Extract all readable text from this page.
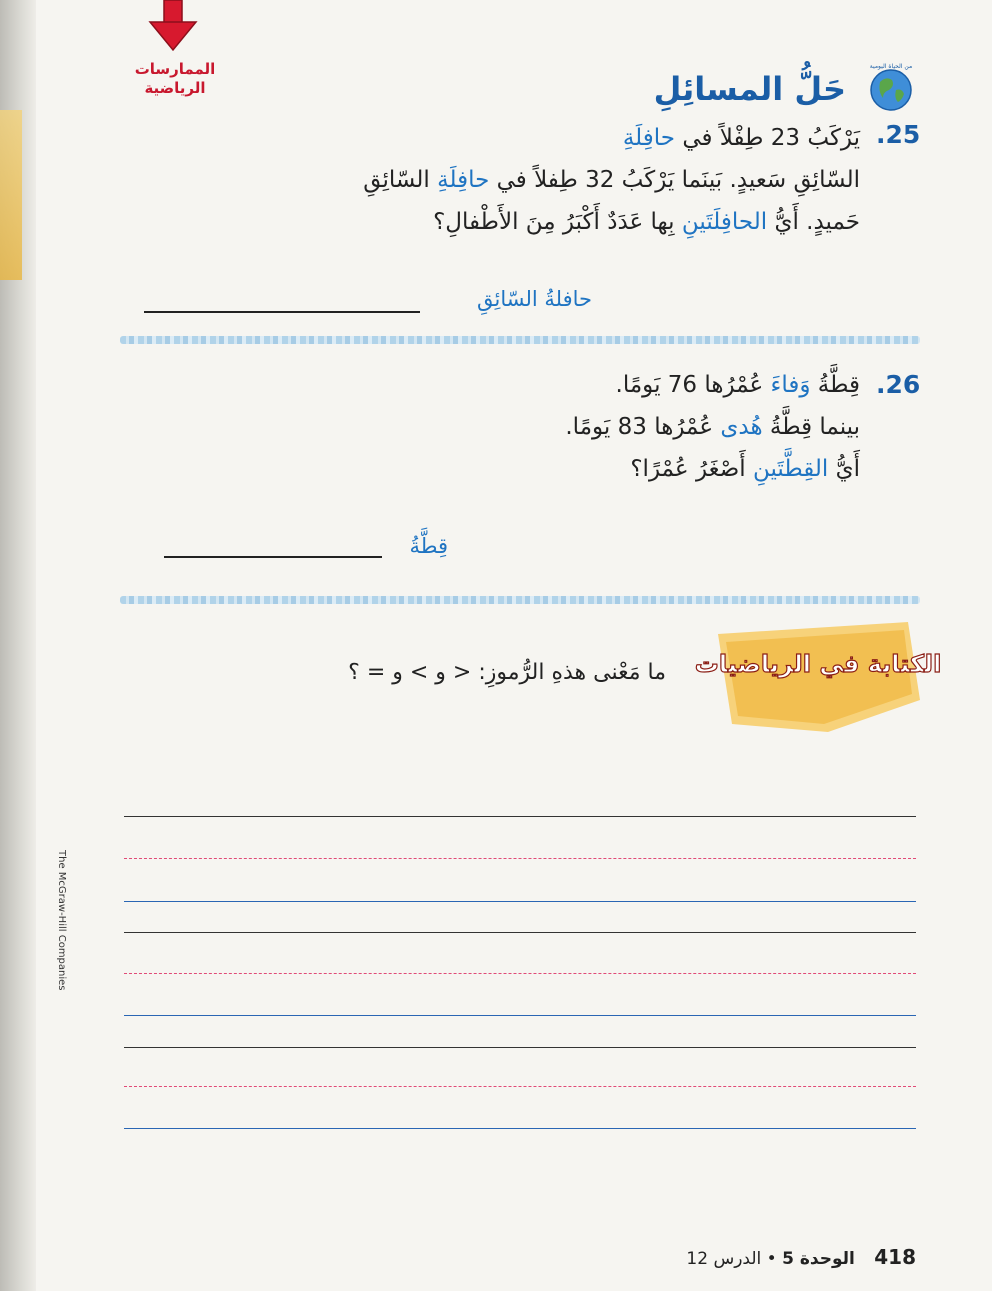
الممارسات
الرياضية
من الحياة اليومية
حَلُّ المسائِلِ
.25
يَرْكَبُ 23 طِفْلاً في حافِلَةِ
السّائِقِ سَعيدٍ. بَينَما يَرْكَبُ 32 طِفلاً في حافِلَةِ السّائِقِ
حَميدٍ. أَيُّ الحافِلَتَينِ بِها عَدَدٌ أَكْبَرُ مِنَ الأَطْفالِ؟
حافلةُ السّائِقِ
.26
قِطَّةُ وَفاءَ عُمْرُها 76 يَومًا.
بينما قِطَّةُ هُدى عُمْرُها 83 يَومًا.
أَيُّ القِطَّتَينِ أَصْغَرُ عُمْرًا؟
قِطَّةُ
الكتابة في الرياضيات
ما مَعْنى هذهِ الرُّموزِ: < و > و = ؟
The McGraw-Hill Companies
418 الوحدة 5 • الدرس 12
